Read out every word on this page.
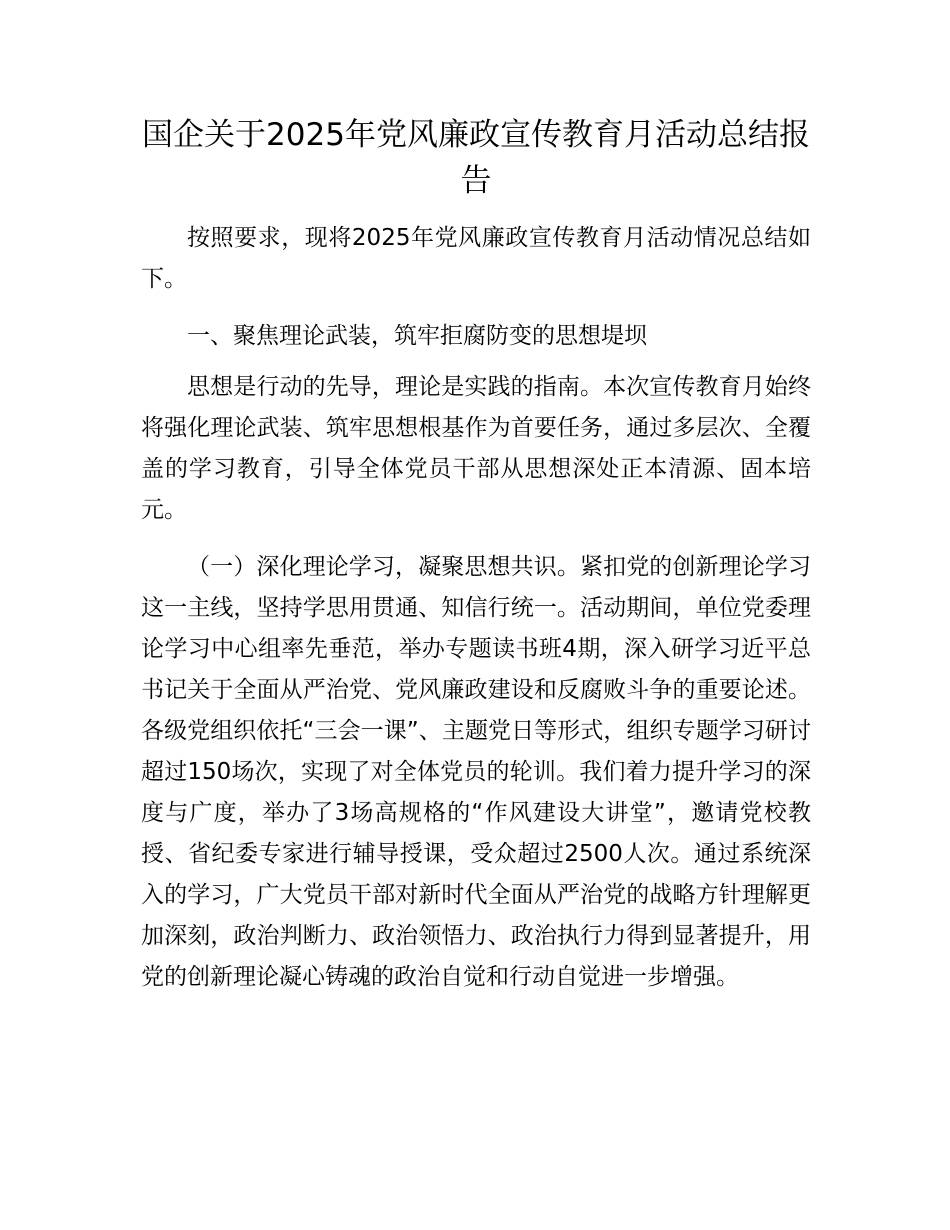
国企关于2025年党风廉政宣传教育月活动总结报告

按照要求，现将2025年党风廉政宣传教育月活动情况总结如下。

一、聚焦理论武装，筑牢拒腐防变的思想堤坝

思想是行动的先导，理论是实践的指南。本次宣传教育月始终将强化理论武装、筑牢思想根基作为首要任务，通过多层次、全覆盖的学习教育，引导全体党员干部从思想深处正本清源、固本培元。

（一）深化理论学习，凝聚思想共识。紧扣党的创新理论学习这一主线，坚持学思用贯通、知信行统一。活动期间，单位党委理论学习中心组率先垂范，举办专题读书班4期，深入研学习近平总书记关于全面从严治党、党风廉政建设和反腐败斗争的重要论述。各级党组织依托“三会一课”、主题党日等形式，组织专题学习研讨超过150场次，实现了对全体党员的轮训。我们着力提升学习的深度与广度，举办了3场高规格的“作风建设大讲堂”，邀请党校教授、省纪委专家进行辅导授课，受众超过2500人次。通过系统深入的学习，广大党员干部对新时代全面从严治党的战略方针理解更加深刻，政治判断力、政治领悟力、政治执行力得到显著提升，用党的创新理论凝心铸魂的政治自觉和行动自觉进一步增强。
